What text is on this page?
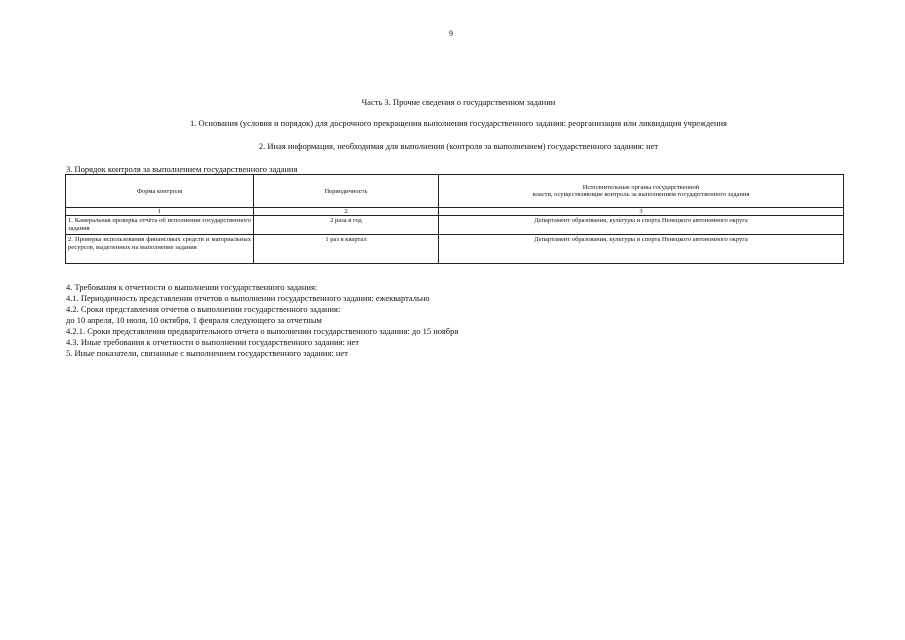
9
Часть 3. Прочие сведения о государственном задании
1. Основания (условия и порядок) для досрочного прекращения выполнения государственного задания: реорганизация или ликвидация учреждения
2. Иная информация, необходимая для выполнения (контроля за выполнением) государственного задания: нет
3. Порядок контроля за выполнением государственного задания
Форма контроля	Периодичность	Исполнительные органы государственной
власти, осуществляющие контроль за выполнением государственного задания

1	2	3
1. Камеральная проверка отчёта об исполнении государственного задания	2 раза в год	Департамент образования, культуры и спорта Ненецкого автономного округа
2. Проверка использования финансовых средств и материальных ресурсов, выделенных на выполнение задания	1 раз в квартал	Департамент образования, культуры и спорта Ненецкого автономного округа
4. Требования к отчетности о выполнении государственного задания:
4.1. Периодичность представления отчетов о выполнении государственного задания: ежеквартально
4.2. Сроки представления отчетов о выполнении государственного задания:
до 10 апреля, 10 июля, 10 октября, 1 февраля следующего за отчетным
4.2.1. Сроки представления предварительного отчета о выполнении государственного задания: до 15 ноября
4.3. Иные требования к отчетности о выполнении государственного задания: нет
5. Иные показатели, связанные с выполнением государственного задания: нет
